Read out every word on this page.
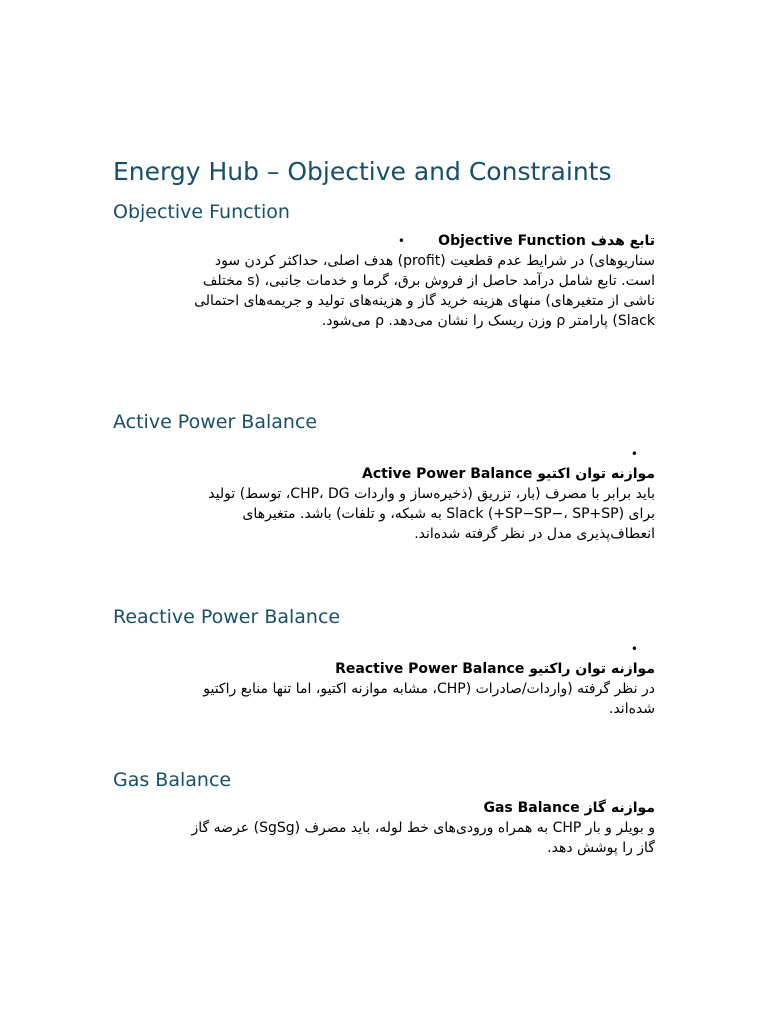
Energy Hub – Objective and Constraints
Objective Function
• تابع هدف Objective Function

سناریوهای) در شرایط عدم قطعیت (profit) هدف اصلی، حداکثر کردن سود

است. تابع شامل درآمد حاصل از فروش برق، گرما و خدمات جانبی، (s مختلف

ناشی از متغیرهای) منهای هزینه خرید گاز و هزینه‌های تولید و جریمه‌های احتمالی

Slack) پارامتر ρ وزن ریسک را نشان می‌دهد. ρ می‌شود.

Active Power Balance
•

موازنه توان اکتیو Active Power Balance

باید برابر با مصرف (بار، تزریق (ذخیره‌ساز و واردات CHP، DG، توسط) تولید

برای (SP−SP−، SP+SP+) Slack به شبکه، و تلفات) باشد. متغیرهای

انعطاف‌پذیری مدل در نظر گرفته شده‌اند.

Reactive Power Balance
•

موازنه توان راکتیو Reactive Power Balance

در نظر گرفته (واردات/صادرات (CHP، مشابه موازنه اکتیو، اما تنها منابع راکتیو

شده‌اند.

Gas Balance

موازنه گاز Gas Balance

و بویلر و بار CHP به همراه ورودی‌های خط لوله، باید مصرف (SgSg) عرضه گاز

گاز را پوشش دهد.
